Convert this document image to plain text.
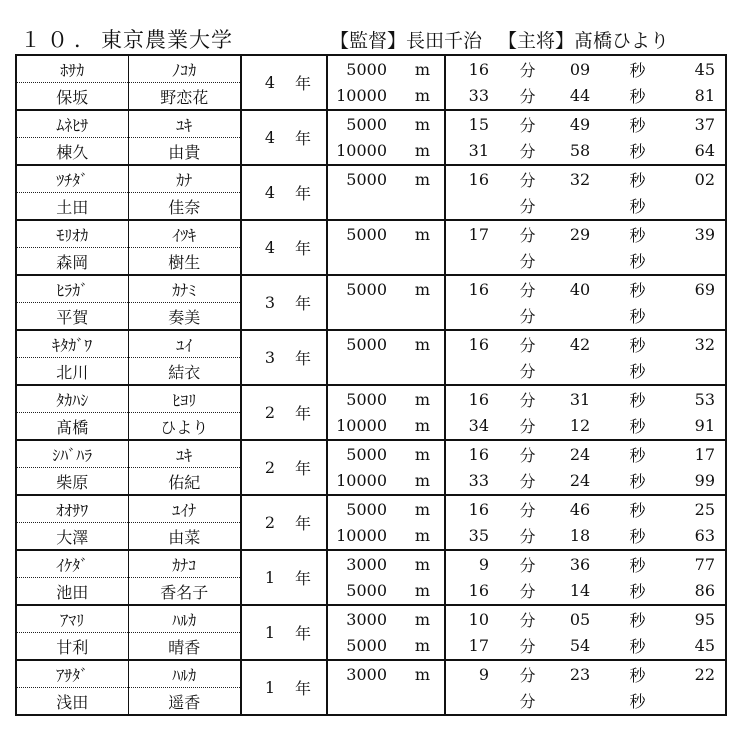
１０．東京農業大学	【監督】長田千治 【主将】髙橋ひより
ﾎｻｶ	ﾉｺｶ	4	年	5000	m	16	分	09	秒	45
保坂	野恋花			10000	m	33	分	44	秒	81
ﾑﾈﾋｻ	ﾕｷ	4	年	5000	m	15	分	49	秒	37
棟久	由貴			10000	m	31	分	58	秒	64
ﾂﾁﾀﾞ	ｶﾅ	4	年	5000	m	16	分	32	秒	02
土田	佳奈						分		秒	
ﾓﾘｵｶ	ｲﾂｷ	4	年	5000	m	17	分	29	秒	39
森岡	樹生						分		秒	
ﾋﾗｶﾞ	ｶﾅﾐ	3	年	5000	m	16	分	40	秒	69
平賀	奏美						分		秒	
ｷﾀｶﾞﾜ	ﾕｲ	3	年	5000	m	16	分	42	秒	32
北川	結衣						分		秒	
ﾀｶﾊｼ	ﾋﾖﾘ	2	年	5000	m	16	分	31	秒	53
髙橋	ひより			10000	m	34	分	12	秒	91
ｼﾊﾞﾊﾗ	ﾕｷ	2	年	5000	m	16	分	24	秒	17
柴原	佑紀			10000	m	33	分	24	秒	99
ｵｵｻﾜ	ﾕｲﾅ	2	年	5000	m	16	分	46	秒	25
大澤	由菜			10000	m	35	分	18	秒	63
ｲｹﾀﾞ	ｶﾅｺ	1	年	3000	m	9	分	36	秒	77
池田	香名子			5000	m	16	分	14	秒	86
ｱﾏﾘ	ﾊﾙｶ	1	年	3000	m	10	分	05	秒	95
甘利	晴香			5000	m	17	分	54	秒	45
ｱｻﾀﾞ	ﾊﾙｶ	1	年	3000	m	9	分	23	秒	22
浅田	遥香						分		秒	
